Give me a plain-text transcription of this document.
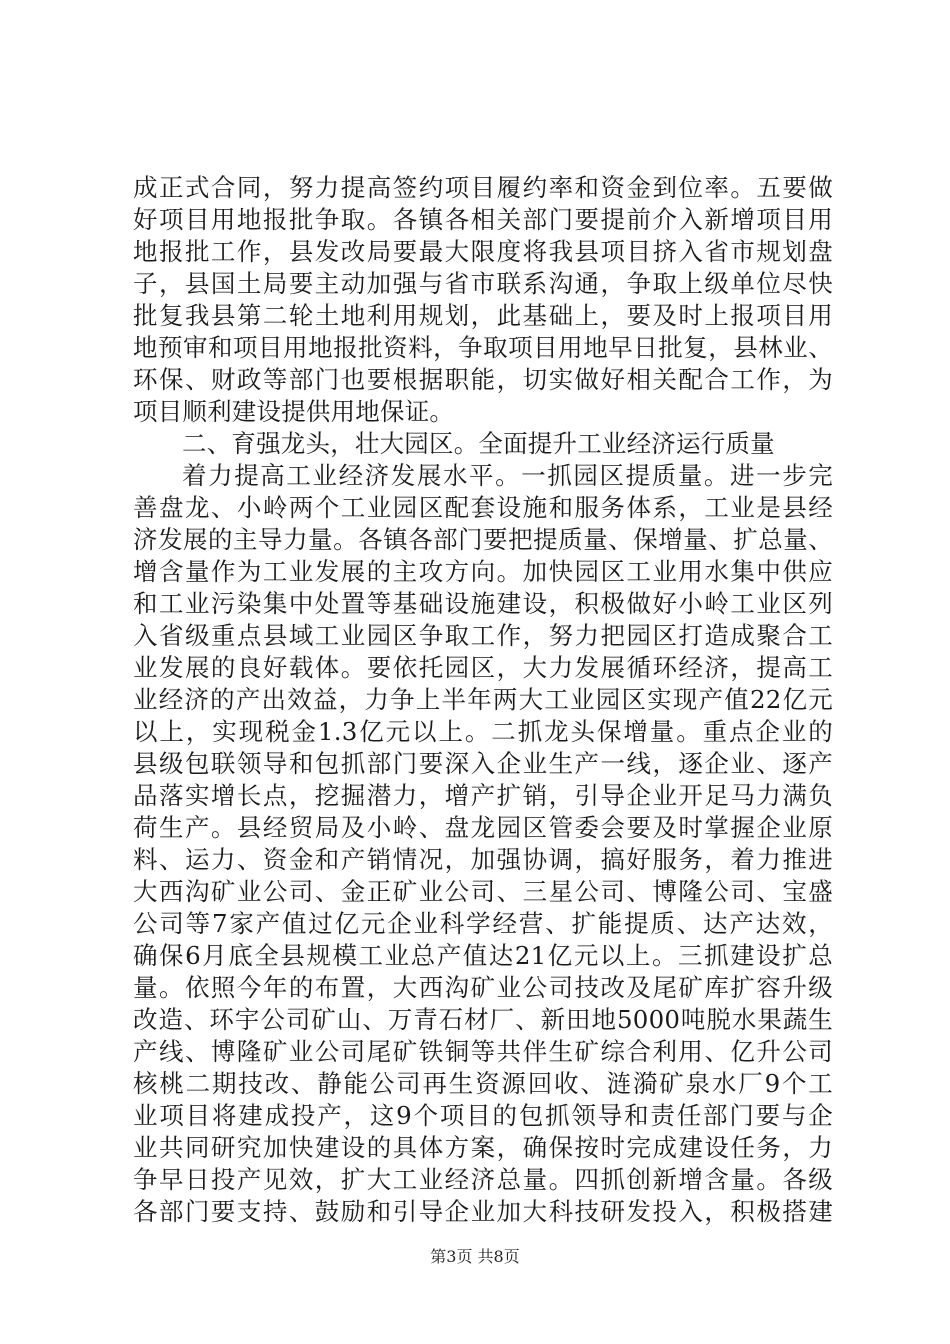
成正式合同，努力提高签约项目履约率和资金到位率。五要做
好项目用地报批争取。各镇各相关部门要提前介入新增项目用
地报批工作，县发改局要最大限度将我县项目挤入省市规划盘
子，县国土局要主动加强与省市联系沟通，争取上级单位尽快
批复我县第二轮土地利用规划，此基础上，要及时上报项目用
地预审和项目用地报批资料，争取项目用地早日批复，县林业、
环保、财政等部门也要根据职能，切实做好相关配合工作，为
项目顺利建设提供用地保证。
二、育强龙头，壮大园区。全面提升工业经济运行质量
着力提高工业经济发展水平。一抓园区提质量。进一步完
善盘龙、小岭两个工业园区配套设施和服务体系，工业是县经
济发展的主导力量。各镇各部门要把提质量、保增量、扩总量、
增含量作为工业发展的主攻方向。加快园区工业用水集中供应
和工业污染集中处置等基础设施建设，积极做好小岭工业区列
入省级重点县域工业园区争取工作，努力把园区打造成聚合工
业发展的良好载体。要依托园区，大力发展循环经济，提高工
业经济的产出效益，力争上半年两大工业园区实现产值22亿元
以上，实现税金1.3亿元以上。二抓龙头保增量。重点企业的
县级包联领导和包抓部门要深入企业生产一线，逐企业、逐产
品落实增长点，挖掘潜力，增产扩销，引导企业开足马力满负
荷生产。县经贸局及小岭、盘龙园区管委会要及时掌握企业原
料、运力、资金和产销情况，加强协调，搞好服务，着力推进
大西沟矿业公司、金正矿业公司、三星公司、博隆公司、宝盛
公司等7家产值过亿元企业科学经营、扩能提质、达产达效，
确保6月底全县规模工业总产值达21亿元以上。三抓建设扩总
量。依照今年的布置，大西沟矿业公司技改及尾矿库扩容升级
改造、环宇公司矿山、万青石材厂、新田地5000吨脱水果蔬生
产线、博隆矿业公司尾矿铁铜等共伴生矿综合利用、亿升公司
核桃二期技改、静能公司再生资源回收、涟漪矿泉水厂9个工
业项目将建成投产，这9个项目的包抓领导和责任部门要与企
业共同研究加快建设的具体方案，确保按时完成建设任务，力
争早日投产见效，扩大工业经济总量。四抓创新增含量。各级
各部门要支持、鼓励和引导企业加大科技研发投入，积极搭建
第3页 共8页
